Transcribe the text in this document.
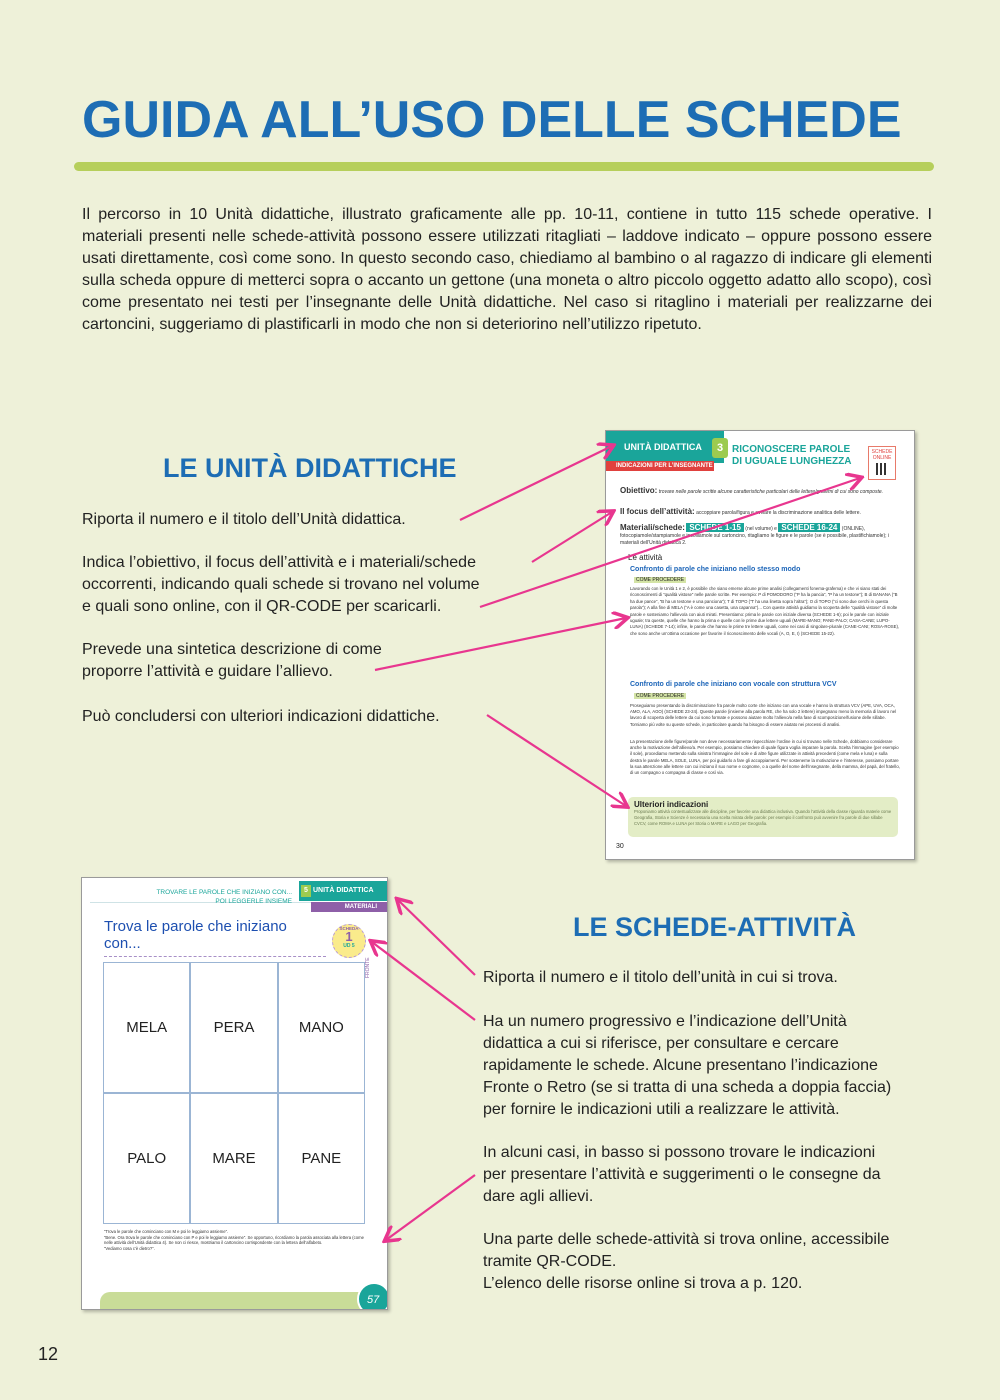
GUIDA ALL’USO DELLE SCHEDE

Il percorso in 10 Unità didattiche, illustrato graficamente alle pp. 10-11, contiene in tutto 115 schede operative. I materiali presenti nelle schede-attività possono essere utilizzati ritagliati – laddove indicato – oppure possono essere usati direttamente, così come sono. In questo secondo caso, chiediamo al bambino o al ragazzo di indicare gli elementi sulla scheda oppure di metterci sopra o accanto un gettone (una moneta o altro piccolo oggetto adatto allo scopo), così come presentato nei testi per l’insegnante delle Unità didattiche. Nel caso si ritaglino i materiali per realizzarne dei cartoncini, suggeriamo di plastificarli in modo che non si deteriorino nell’utilizzo ripetuto.

LE UNITÀ DIDATTICHE
Riporta il numero e il titolo dell’Unità didattica.
Indica l’obiettivo, il focus dell’attività e i materiali/schede
occorrenti, indicando quali schede si trovano nel volume
e quali sono online, con il QR-CODE per scaricarli.
Prevede una sintetica descrizione di come
proporre l’attività e guidare l’allievo.
Può concludersi con ulteriori indicazioni didattiche.
UNITÀ DIDATTICA	3
INDICAZIONI PER L’INSEGNANTE
RICONOSCERE PAROLE
DI UGUALE LUNGHEZZA
SCHEDE ONLINE
Obiettivo: trovare nelle parole scritte alcune caratteristiche particolari delle lettere/grafemi di cui sono composte.
Il focus dell’attività: accoppiare parola/figura e avviare la discriminazione analitica delle lettere.
Materiali/schede: SCHEDE 1-15 (nel volume) e SCHEDE 16-24 (ONLINE), fotocopiamole/stampiamole e incolliamole sul cartoncino, ritagliamo le figure e le parole (se è possibile, plastifichiamole); i materiali dell’Unità didattica 2.
Le attività
Confronto di parole che iniziano nello stesso modo
COME PROCEDERE
Lavorando con le Unità 1 e 2, è possibile che siano emerse alcune prime analisi (collegamenti fonema-grafema) e che vi siano stati dei riconoscimenti di “qualità vistose” nelle parole scritte. Per esempio: P di POMODORO (“P ha la pancia”, “P ha un testone”); B di BANANA (“B ha due pance”, “B ha un testone e una panciona”); T di TOPO (“T ha una linetta sopra l’altra”); O di TOPO (“ci sono due cerchi in questa parola”); A alla fine di MELA (“A è come una casetta, una capanna”)... Con queste attività guidiamo la scoperta delle “qualità vistose” di molte parole e sosteniamo l’allievo/a con aiuti mirati. Presentiamo: prima le parole con iniziale diversa (SCHEDE 1-6); poi le parole con iniziale uguale; tra queste, quelle che hanno la prima e quelle con le prime due lettere uguali (MARE-MANO; PANE-PALO; CASA-CANE; LUPO-LUNA) (SCHEDE 7-14); infine, le parole che hanno le prime tre lettere uguali, come nei casi di singolare-plurale (CANE-CANI; ROSA-ROSE), che sono anche un’ottima occasione per favorire il riconoscimento delle vocali (A, O, E, I) (SCHEDE 15-22).
Confronto di parole che iniziano con vocale con struttura VCV
COME PROCEDERE
Proseguiamo presentando la discriminazione fra parole molto corte che iniziano con una vocale e hanno la struttura VCV (APE, UVA, OCA, AMO, ALA, AGO) (SCHEDE 23-24). Queste parole (insieme alla parola RE, che ha solo 2 lettere) impegnano meno la memoria di lavoro nel lavoro di scoperta delle lettere da cui sono formate e possono aiutare molto l’allievo/a nella fase di scomposizione/fusione delle sillabe. Torniamo più volte su queste schede, in particolare quando ha bisogno di essere aiutato nei processi di analisi.
La presentazione delle figure/parole non deve necessariamente rispecchiare l’ordine in cui si trovano nelle Schede, dobbiamo considerare anche la motivazione dell’allievo/a. Per esempio, possiamo chiedere di quale figura voglia imparare la parola. Scelta l’immagine (per esempio il sole), procediamo mettendo sulla sinistra l’immagine del sole e di altre figure utilizzate in attività precedenti (come mela e luna) e sulla destra le parole MELA, SOLE, LUNA, per poi guidarlo a fare gli accoppiamenti. Per sostenerne la motivazione e l’interesse, possiamo portare la sua attenzione alle lettere con cui iniziano il suo nome e cognome, o a quelle del nome dell’insegnante, della mamma, del papà, del fratello, di un compagno o compagna di classe e così via.
Ulteriori indicazioni
Proponiamo attività contestualizzate alle discipline, per favorire una didattica inclusiva. Quando l’attività della classe riguarda materie come Geografia, Storia e Scienze è necessaria una scelta mirata delle parole: per esempio il confronto può avvenire fra parole di due sillabe CVCV, come ROMA e LUNA per Storia o MARE e LAGO per Geografia.
30
LE SCHEDE-ATTIVITÀ
Riporta il numero e il titolo dell’unità in cui si trova.
Ha un numero progressivo e l’indicazione dell’Unità
didattica a cui si riferisce, per consultare e cercare
rapidamente le schede. Alcune presentano l’indicazione
Fronte o Retro (se si tratta di una scheda a doppia faccia)
per fornire le indicazioni utili a realizzare le attività.
In alcuni casi, in basso si possono trovare le indicazioni
per presentare l’attività e suggerimenti o le consegne da
dare agli allievi.
Una parte delle schede-attività si trova online, accessibile
tramite QR-CODE.
L’elenco delle risorse online si trova a p. 120.
TROVARE LE PAROLE CHE INIZIANO CON...
POI LEGGERLE INSIEME
UNITÀ DIDATTICA
5
MATERIALI
Trova le parole che iniziano con...
SCHEDA
1
UD 5
FRONTE
MELA	PERA	MANO
PALO	MARE	PANE
“Trova le parole che cominciano con M e poi le leggiamo assieme”.
“Bene. Ora trova le parole che cominciano con P e poi le leggiamo assieme”. Se opportuno, ricordiamo la parola associata alla lettera (come nelle attività dell’Unità didattica 4). Se non ci riesce, mostriamo il cartoncino corrispondente con la lettera dell’alfabeto.
“Vediamo cosa c’è dietro?”.
57
12
